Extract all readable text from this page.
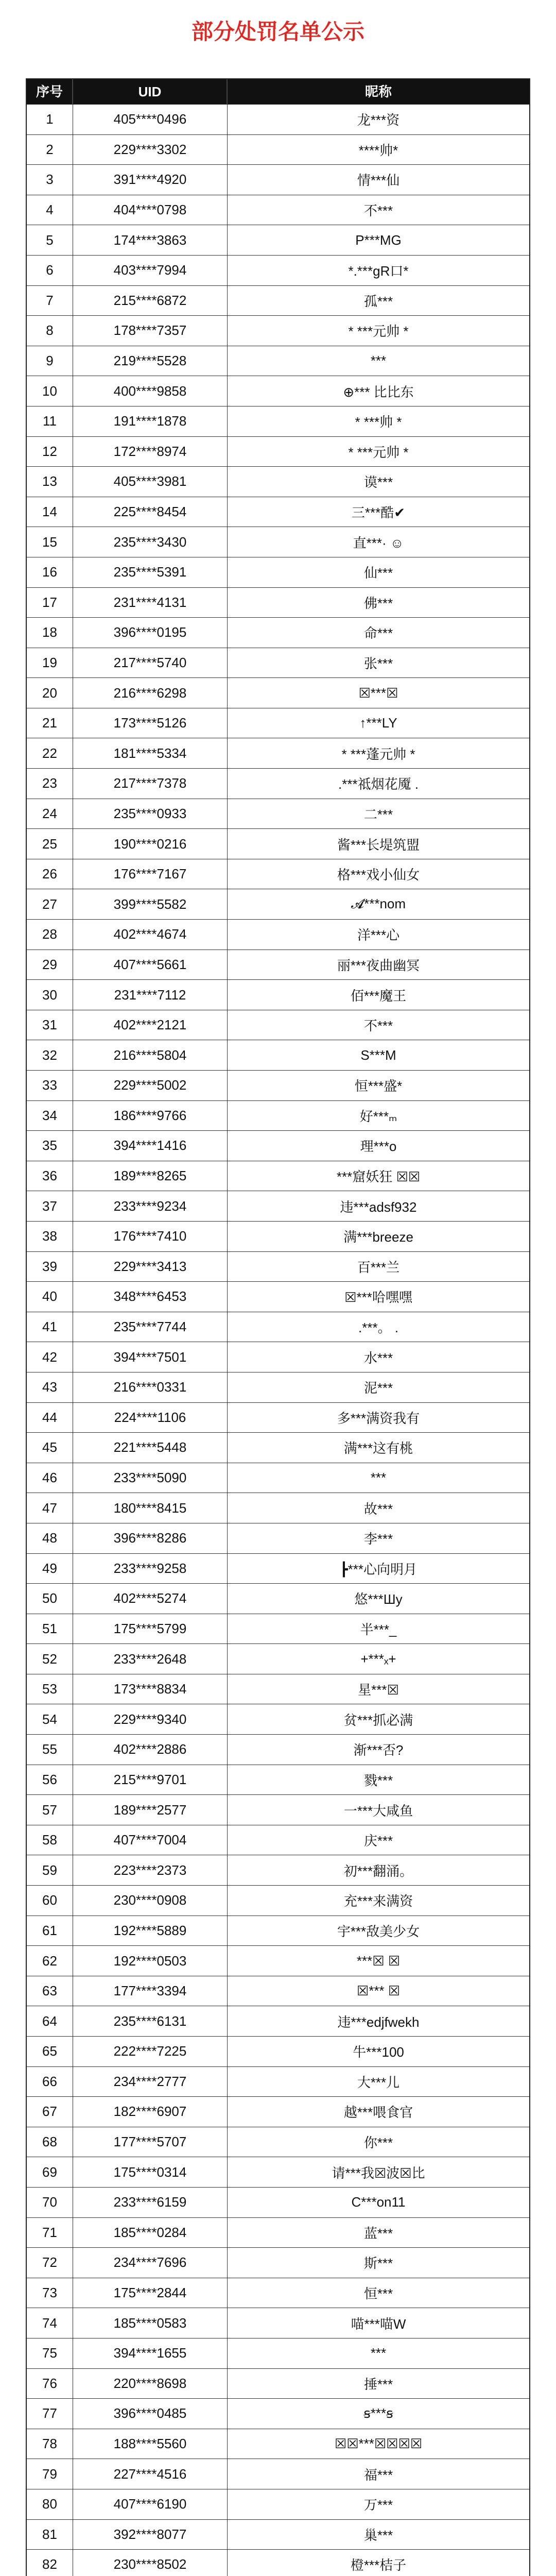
部分处罚名单公示
序号	UID	昵称
1	405****0496	龙***资
2	229****3302	****帅*
3	391****4920	情***仙
4	404****0798	不***
5	174****3863	P***MG
6	403****7994	*.***gR口*
7	215****6872	孤***
8	178****7357	* ***元帅 *
9	219****5528	***
10	400****9858	⊕*** 比比东
11	191****1878	* ***帅 *
12	172****8974	* ***元帅 *
13	405****3981	谟***
14	225****8454	三***酷✔
15	235****3430	直***· ☺
16	235****5391	仙***
17	231****4131	佛***
18	396****0195	命***
19	217****5740	张***
20	216****6298	☒***☒
21	173****5126	↑***LY
22	181****5334	* ***蓬元帅 *
23	217****7378	.***祗烟花魇 .
24	235****0933	二***
25	190****0216	酱***长堤筑盟
26	176****7167	格***戏小仙女
27	399****5582	𝓐***nom
28	402****4674	洋***心
29	407****5661	丽***夜曲幽冥
30	231****7112	佰***魔王
31	402****2121	不***
32	216****5804	S***M
33	229****5002	恒***盛*
34	186****9766	好***ₘ
35	394****1416	理***o
36	189****8265	***窟妖狂 ☒☒
37	233****9234	违***adsf932
38	176****7410	满***breeze
39	229****3413	百***兰
40	348****6453	☒***哈嘿嘿
41	235****7744	.***。 .
42	394****7501	水***
43	216****0331	泥***
44	224****1106	多***满资我有
45	221****5448	满***这有桃
46	233****5090	***
47	180****8415	故***
48	396****8286	李***
49	233****9258	┣***心向明月
50	402****5274	悠***Шу
51	175****5799	半***_
52	233****2648	+***ₓ+
53	173****8834	星***☒
54	229****9340	贫***抓必满
55	402****2886	渐***否?
56	215****9701	戮***
57	189****2577	一***大咸鱼
58	407****7004	庆***
59	223****2373	初***翻涌。
60	230****0908	充***来满资
61	192****5889	宇***敌美少女
62	192****0503	***☒ ☒
63	177****3394	☒*** ☒
64	235****6131	违***edjfwekh
65	222****7225	牛***100
66	234****2777	大***儿
67	182****6907	越***喂食官
68	177****5707	你***
69	175****0314	请***我☒波☒比
70	233****6159	C***on11
71	185****0284	蓝***
72	234****7696	斯***
73	175****2844	恒***
74	185****0583	喵***喵W
75	394****1655	***
76	220****8698	捶***
77	396****0485	ꞩ***ꞩ
78	188****5560	☒☒***☒☒☒☒
79	227****4516	福***
80	407****6190	万***
81	392****8077	巢***
82	230****8502	橙***桔子
